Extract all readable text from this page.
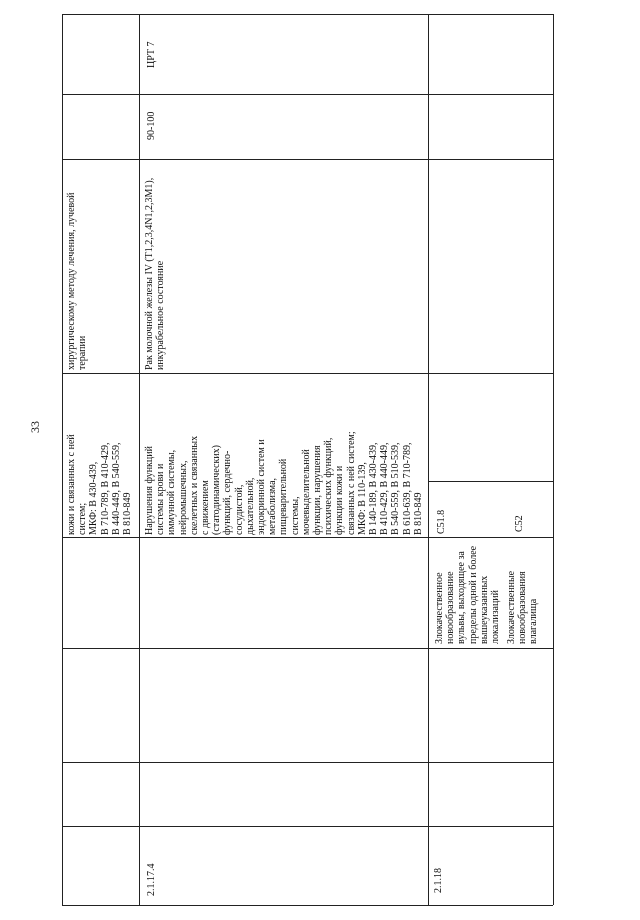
33
кожи и связанных с ней
систем;
МКФ: В 430-439,
В 710-789, В 410-429,
В 440-449, В 540-559,
В 810-849
хирургическому методу лечения, лучевой
терапии
2.1.17.4
Нарушения функций
системы крови и
иммунной системы,
нейромышечных,
скелетных и связанных
с движением
(статодинамических)
функций, сердечно-
сосудистой,
дыхательной,
эндокринной систем и
метаболизма,
пищеварительной
системы,
мочевыделительной
функции, нарушения
психических функций,
функции кожи и
связанных с ней систем;
МКФ: В 110-139,
В 140-189, В 430-439,
В 410-429, В 440-449,
В 540-559, В 510-539,
В 610-639, В 710-789,
В 810-849
Рак молочной железы IV (T1,2,3,4N1,2,3M1),
инкурабельное состояние
90-100
ЦРТ 7
2.1.18
Злокачественное
новообразование
вульвы, выходящее за
пределы одной и более
вышеуказанных
локализаций
C51.8
Злокачественные
новообразования
влагалища
C52
